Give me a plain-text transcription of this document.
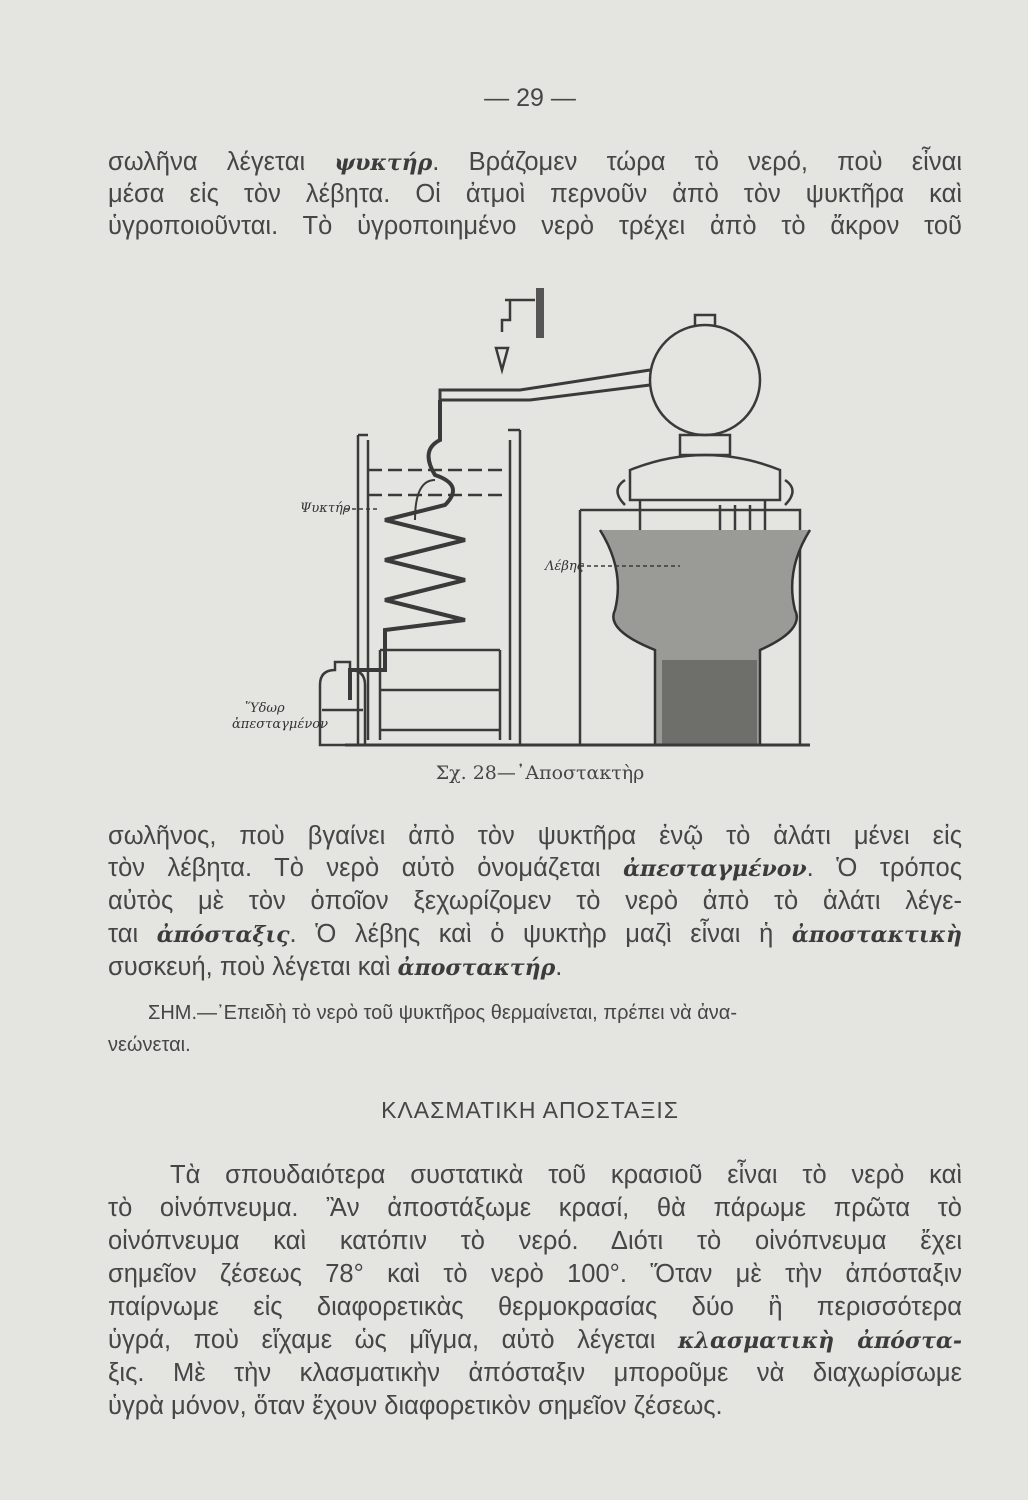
— 29 —
σωλῆνα λέγεται ψυκτήρ. Βράζομεν τώρα τὸ νερό, ποὺ εἶναι
μέσα εἰς τὸν λέβητα. Οἱ ἀτμοὶ περνοῦν ἀπὸ τὸν ψυκτῆρα καὶ
ὑγροποιοῦνται. Τὸ ὑγροποιημένο νερὸ τρέχει ἀπὸ τὸ ἄκρον τοῦ
Ψυκτήρ
Λέβης
Ὕδωρ
ἀπεσταγμένον
Σχ. 28—᾿Αποστακτὴρ
σωλῆνος, ποὺ βγαίνει ἀπὸ τὸν ψυκτῆρα ἐνῷ τὸ ἁλάτι μένει εἰς
τὸν λέβητα. Τὸ νερὸ αὐτὸ ὀνομάζεται ἀπεσταγμένον. Ὁ τρόπος
αὐτὸς μὲ τὸν ὁποῖον ξεχωρίζομεν τὸ νερὸ ἀπὸ τὸ ἁλάτι λέγε-
ται ἀπόσταξις. Ὁ λέβης καὶ ὁ ψυκτὴρ μαζὶ εἶναι ἡ ἀποστακτικὴ
συσκευή, ποὺ λέγεται καὶ ἀποστακτήρ.
ΣΗΜ.—᾿Επειδὴ τὸ νερὸ τοῦ ψυκτῆρος θερμαίνεται, πρέπει νὰ ἀνα-
νεώνεται.
ΚΛΑΣΜΑΤΙΚΗ ΑΠΟΣΤΑΞΙΣ
Τὰ σπουδαιότερα συστατικὰ τοῦ κρασιοῦ εἶναι τὸ νερὸ καὶ
τὸ οἰνόπνευμα. Ἂν ἀποστάξωμε κρασί, θὰ πάρωμε πρῶτα τὸ
οἰνόπνευμα καὶ κατόπιν τὸ νερό. Διότι τὸ οἰνόπνευμα ἔχει
σημεῖον ζέσεως 78° καὶ τὸ νερὸ 100°. Ὅταν μὲ τὴν ἀπόσταξιν
παίρνωμε εἰς διαφορετικὰς θερμοκρασίας δύο ἢ περισσότερα
ὑγρά, ποὺ εἴχαμε ὡς μῖγμα, αὐτὸ λέγεται κλασματικὴ ἀπόστα-
ξις. Μὲ τὴν κλασματικὴν ἀπόσταξιν μποροῦμε νὰ διαχωρίσωμε
ὑγρὰ μόνον, ὅταν ἔχουν διαφορετικὸν σημεῖον ζέσεως.
